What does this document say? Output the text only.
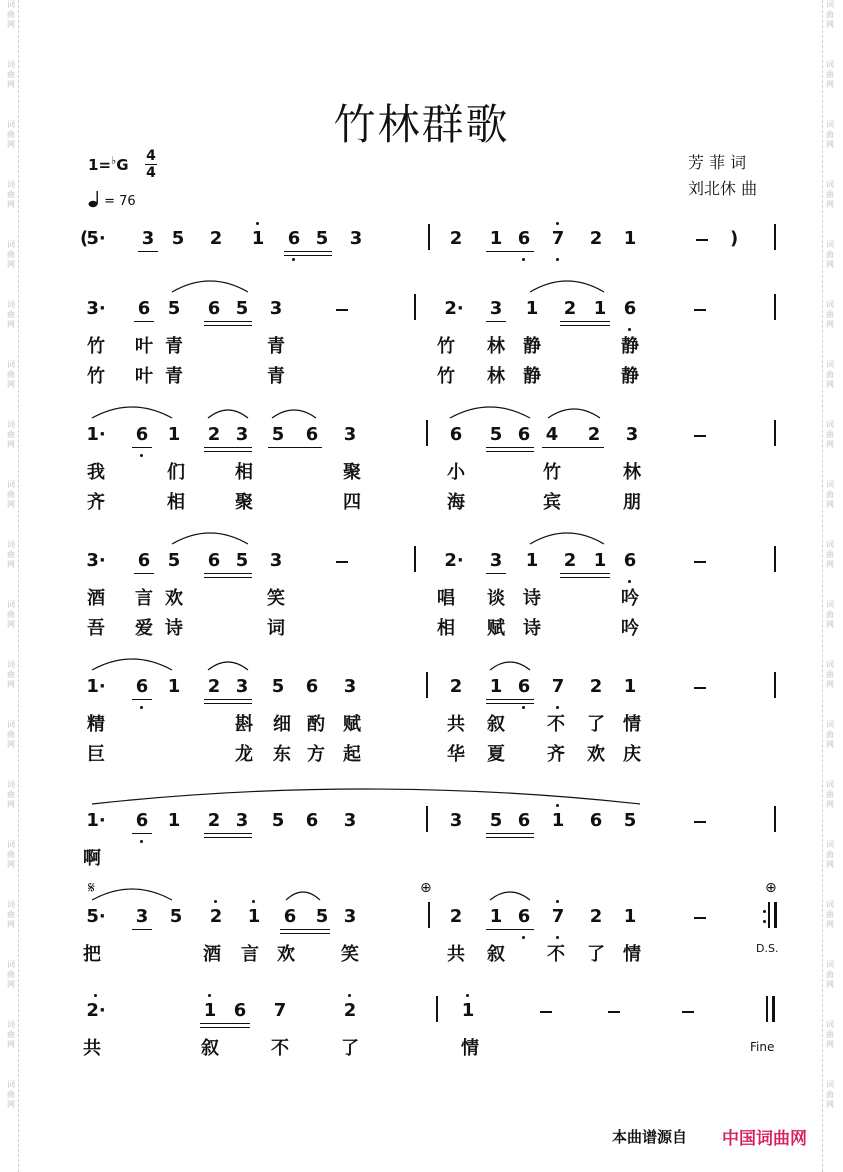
词
曲
网
词
曲
网
词
曲
网
词
曲
网
词
曲
网
词
曲
网
词
曲
网
词
曲
网
词
曲
网
词
曲
网
词
曲
网
词
曲
网
词
曲
网
词
曲
网
词
曲
网
词
曲
网
词
曲
网
词
曲
网
词
曲
网
词
曲
网
词
曲
网
词
曲
网
词
曲
网
词
曲
网
词
曲
网
词
曲
网
词
曲
网
词
曲
网
词
曲
网
词
曲
网
词
曲
网
词
曲
网
词
曲
网
词
曲
网
词
曲
网
词
曲
网
词
曲
网
词
曲
网
竹林群歌
1=♭G 4
4
= 76
芳 菲 词
刘北休 曲
(	)
5· 3 5 2 1 6 5 3	2 1 6 7 2 1
3· 6 5 6 5 3	2· 3 1 2 1 6
竹 叶 青	青	竹 林 静	静
竹 叶 青	青	竹 林 静	静
1· 6 1 2 3 5 6 3	6 5 6 4 2 3
我	们	相	聚	小	竹	林
齐	相	聚	四	海	宾	朋
3· 6 5 6 5 3	2· 3 1 2 1 6
酒 言 欢	笑	唱 谈 诗	吟
吾 爱 诗	词	相 赋 诗	吟
1· 6 1 2 3 5 6 3	2 1 6 7 2 1
精	斟 细 酌 赋	共 叙 不 了 情
巨	龙 东 方 起	华 夏 齐 欢 庆
1· 6 1 2 3 5 6 3	3 5 6 1 6 5
啊
5· 3 5 2 1 6 5 3	2 1 6 7 2 1
把	酒 言 欢	笑	共 叙 不 了 情
𝄋	⊕	⊕
D.S.
2·	1 6 7	2	1
共	叙	不	了	情	Fine
本曲谱源自 中国词曲网
